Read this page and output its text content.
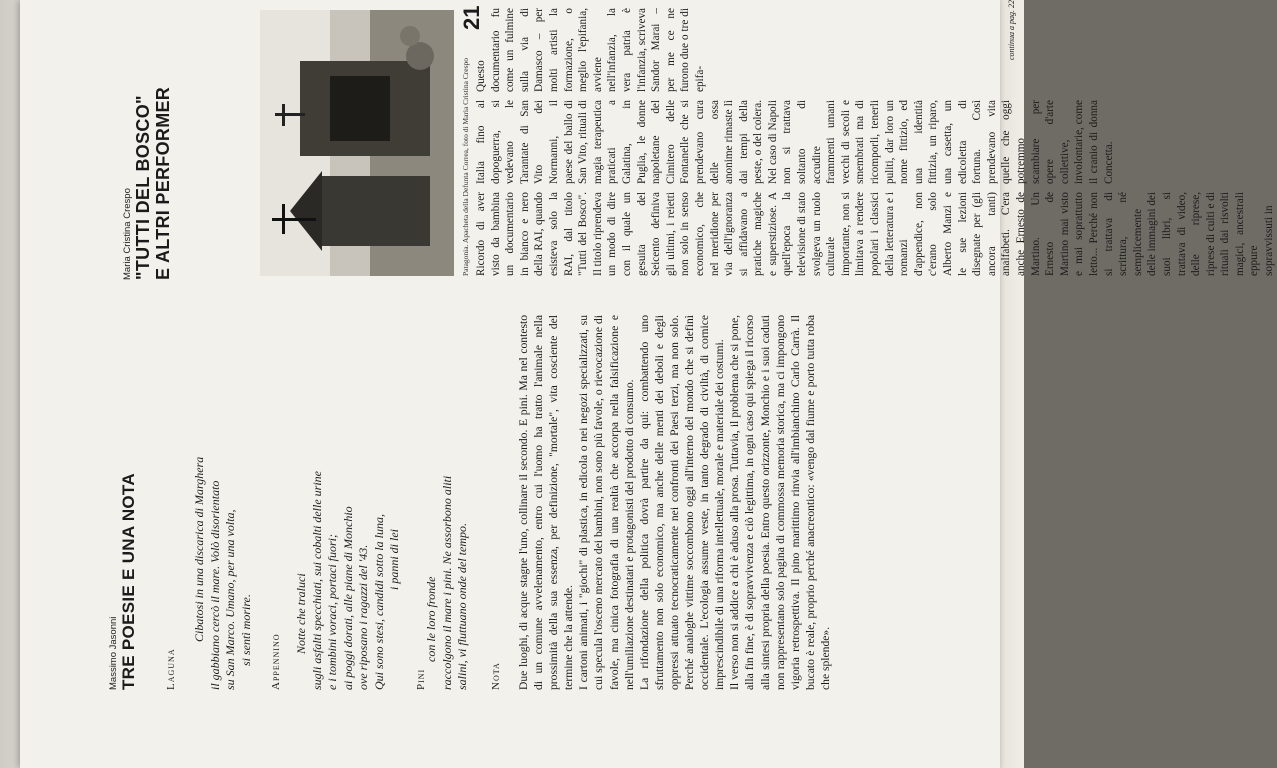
Massimo Jasonni TRE POESIE E UNA NOTA Laguna
Cibatosi in una discarica di Marghera il gabbiano cercò il mare. Volò disorientato su San Marco. Umano, per una volta, si sentì morire. Appennino
Notte che traluci sugli asfalti specchiati, sui cobalti delle urine e i tombini voraci, portaci fuori; ai poggi dorati, alle piane di Monchio ove riposano i ragazzi del '43. Qui sono stesi, candidi sotto la luna, i panni di lei
Pini
con le loro fronde raccolgono il mare i pini. Ne assorbono aliti salini, vi fluttuano onde del tempo. Nota Due luoghi, di acque stagne l'uno, collinare il secondo. E pini. Ma nel contesto di un comune avvelenamento, entro cui l'uomo ha tratto l'animale nella prossimità della sua essenza, per definizione, "mortale", vita cosciente del termine che la attende. I cartoni animati, i "giochi" di plastica, in edicola o nei negozi specializzati, su cui specula l'osceno mercato dei bambini, non sono più favole, o rievocazione di favole, ma cinica fotografia di una realtà che accorpa nella falsificazione e nell'umiliazione destinatari e protagonisti del prodotto di consumo. La rifondazione della politica dovrà partire da qui: combattendo uno sfruttamento non solo economico, ma anche delle menti dei deboli e degli oppressi attuato tecnocraticamente nei confronti dei Paesi terzi, ma non solo. Perché analoghe vittime soccombono oggi all'interno del mondo che si definì occidentale. L'ecologia assume veste, in tanto degrado di civiltà, di cornice imprescindibile di una riforma intellettuale, morale e materiale dei costumi. Il verso non si addice a chi è aduso alla prosa. Tuttavia, il problema che si pone, alla fin fine, è di sopravvivenza e ciò legittima, in ogni caso qui spiega il ricorso alla sintesi propria della poesia. Entro questo orizzonte, Monchio e i suoi caduti non rappresentano solo pagina di commossa memoria storica, ma ci impongono vigoria retrospettiva. Il pino marittimo rinvia all'imbianchino Carlo Carrà. Il bucato è reale, proprio perché anacreontico: «vengo dal fiume e porto tutta roba che splende».

Maria Cristina Crespo "TUTTI DEL BOSCO" E ALTRI PERFORMER	Patagonia. Apacheta della Defunta Correa, foto di Maria Cristina Crespo Ricordo di aver visto da bambina un documentario in bianco e nero della RAI, quando esisteva solo la RAI, dal titolo "Tutti del Bosco". Il titolo riprendeva un modo di dire con il quale un gesuita del Seicento definiva gli ultimi, i reietti non solo in senso economico, che nel meridione per via dell'ignoranza si affidavano a pratiche magiche e superstiziose. A quell'epoca la televisione di stato svolgeva un ruolo culturale importante, non si limitava a rendere popolari i classici della letteratura e i romanzi d'appendice, non c'erano solo Alberto Manzi e le sue lezioni disegnate per (gli ancora tanti) analfabeti. C'era anche Ernesto de Martino. Un Ernesto de Martino mai visto e mai soprattutto letto... Perché non si trattava di scrittura, né semplicemente delle immagini dei suoi libri, si trattava di video, delle riprese, riprese di culti e di rituali dai risvolti magici, ancestrali eppure sopravvissuti in
Italia fino al dopoguerra, si vedevano le Tarantate di San Vito dei Normanni, il paese del ballo di San Vito, rituali di magia terapeutica praticati a Galatina, in Puglia, le donne napoletane del Cimitero delle Fontanelle che si prendevano cura delle ossa anonime rimaste lì dai tempi della peste, o del colera. Nel caso di Napoli non si trattava soltanto di accudire frammenti umani vecchi di secoli e smembrati ma di ricomporli, tenerli puliti, dar loro un nome fittizio, ed una identità fittizia, un riparo, una casetta, un edicoletta di fortuna. Così prendevano vita quelle che oggi potremmo scambiare per opere d'arte collettive, involontarie, come il cranio di donna Concetta.
Questo documentario fu come un fulmine sulla via di Damasco – per molti artisti la formazione, o meglio l'epifania, avviene nell'infanzia, la vera patria è l'infanzia, scriveva Sandor Marai – per me ce ne furono due o tre di epifa-
21	continua a pag. 22
